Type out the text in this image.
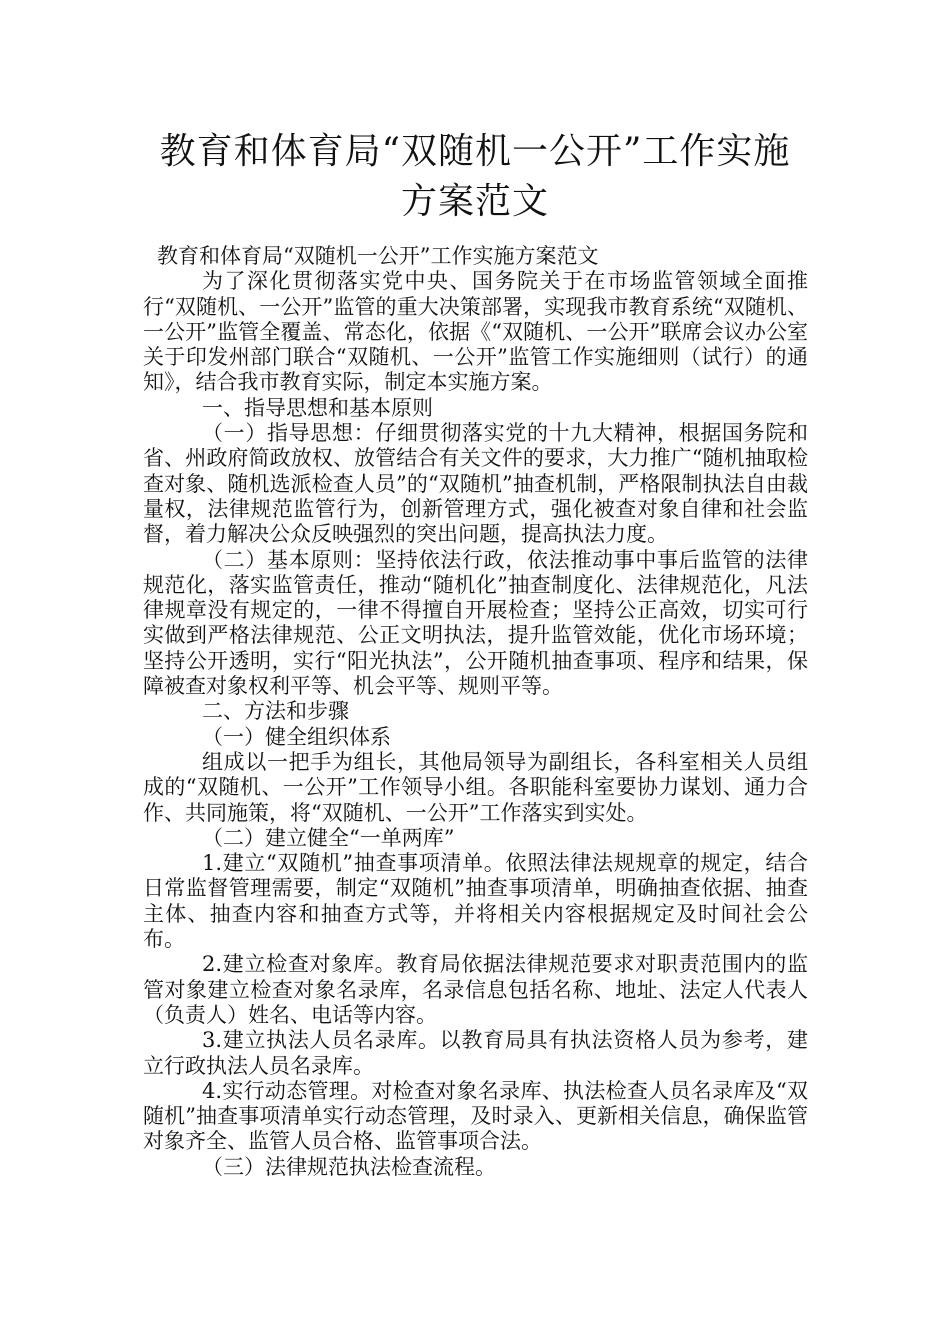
教育和体育局“双随机一公开”工作实施
方案范文

教育和体育局“双随机一公开”工作实施方案范文

为了深化贯彻落实党中央、国务院关于在市场监管领域全面推行“双随机、一公开”监管的重大决策部署，实现我市教育系统“双随机、一公开”监管全覆盖、常态化，依据《“双随机、一公开”联席会议办公室关于印发州部门联合“双随机、一公开”监管工作实施细则（试行）的通知》，结合我市教育实际，制定本实施方案。

一、指导思想和基本原则

（一）指导思想：仔细贯彻落实党的十九大精神，根据国务院和省、州政府简政放权、放管结合有关文件的要求，大力推广“随机抽取检查对象、随机选派检查人员”的“双随机”抽查机制，严格限制执法自由裁量权，法律规范监管行为，创新管理方式，强化被查对象自律和社会监督，着力解决公众反映强烈的突出问题，提高执法力度。

（二）基本原则：坚持依法行政，依法推动事中事后监管的法律规范化，落实监管责任，推动“随机化”抽查制度化、法律规范化，凡法律规章没有规定的，一律不得擅自开展检查；坚持公正高效，切实可行实做到严格法律规范、公正文明执法，提升监管效能，优化市场环境；坚持公开透明，实行“阳光执法”，公开随机抽查事项、程序和结果，保障被查对象权利平等、机会平等、规则平等。

二、方法和步骤

（一）健全组织体系

组成以一把手为组长，其他局领导为副组长，各科室相关人员组成的“双随机、一公开”工作领导小组。各职能科室要协力谋划、通力合作、共同施策，将“双随机、一公开”工作落实到实处。

（二）建立健全“一单两库”

1.建立“双随机”抽查事项清单。依照法律法规规章的规定，结合日常监督管理需要，制定“双随机”抽查事项清单，明确抽查依据、抽查主体、抽查内容和抽查方式等，并将相关内容根据规定及时间社会公布。

2.建立检查对象库。教育局依据法律规范要求对职责范围内的监管对象建立检查对象名录库，名录信息包括名称、地址、法定人代表人（负责人）姓名、电话等内容。

3.建立执法人员名录库。以教育局具有执法资格人员为参考，建立行政执法人员名录库。

4.实行动态管理。对检查对象名录库、执法检查人员名录库及“双随机”抽查事项清单实行动态管理，及时录入、更新相关信息，确保监管对象齐全、监管人员合格、监管事项合法。

（三）法律规范执法检查流程。
